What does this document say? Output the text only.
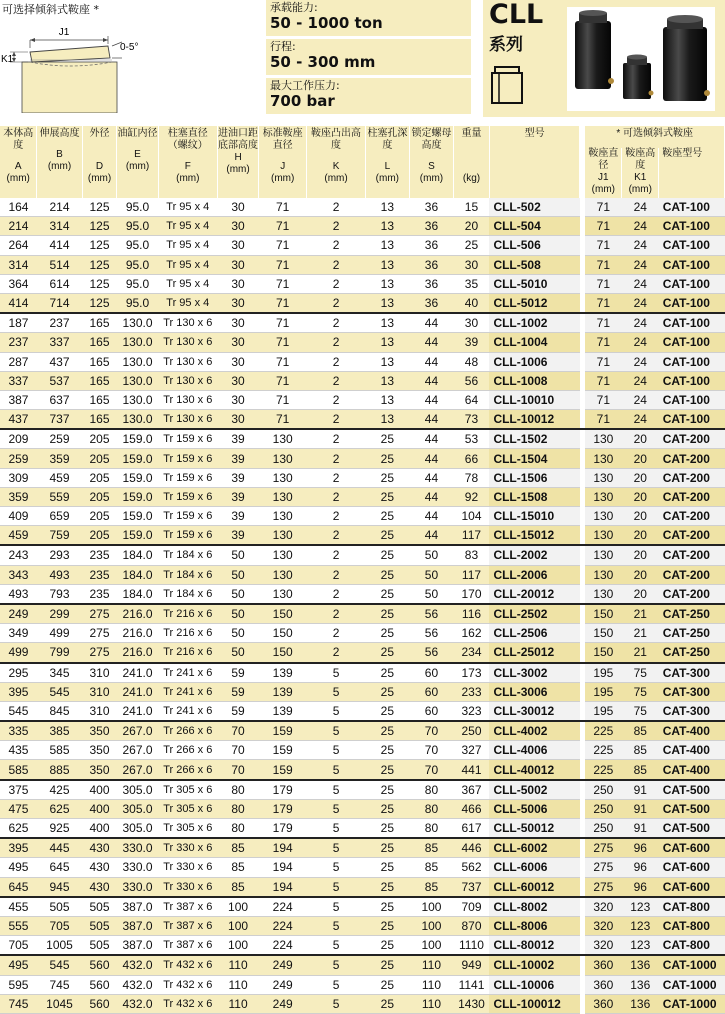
可选择倾斜式鞍座 *
J1
K1
0-5°
承载能力:
50 - 1000 ton
行程:
50 - 300 mm
最大工作压力:
700 bar
CLL
系列
本体高度
A
(mm)	伸展高度
B
(mm)	外径
D
(mm)	油缸内径
E
(mm)	柱塞直径（螺纹）
F
(mm)	进油口距底部高度
H
(mm)	标准鞍座直径
J
(mm)	鞍座凸出高度
K
(mm)	柱塞孔深度
L
(mm)	锁定螺母高度
S
(mm)	重量
(kg)	型号		* 可选倾斜式鞍座		
													鞍座直径
J1
(mm)	鞍座高度
K1
(mm)	鞍座型号
164	214	125	95.0	Tr 95 x 4	30	71	2	13	36	15	CLL-502		71	24	CAT-100
214	314	125	95.0	Tr 95 x 4	30	71	2	13	36	20	CLL-504		71	24	CAT-100
264	414	125	95.0	Tr 95 x 4	30	71	2	13	36	25	CLL-506		71	24	CAT-100
314	514	125	95.0	Tr 95 x 4	30	71	2	13	36	30	CLL-508		71	24	CAT-100
364	614	125	95.0	Tr 95 x 4	30	71	2	13	36	35	CLL-5010		71	24	CAT-100
414	714	125	95.0	Tr 95 x 4	30	71	2	13	36	40	CLL-5012		71	24	CAT-100
187	237	165	130.0	Tr 130 x 6	30	71	2	13	44	30	CLL-1002		71	24	CAT-100
237	337	165	130.0	Tr 130 x 6	30	71	2	13	44	39	CLL-1004		71	24	CAT-100
287	437	165	130.0	Tr 130 x 6	30	71	2	13	44	48	CLL-1006		71	24	CAT-100
337	537	165	130.0	Tr 130 x 6	30	71	2	13	44	56	CLL-1008		71	24	CAT-100
387	637	165	130.0	Tr 130 x 6	30	71	2	13	44	64	CLL-10010		71	24	CAT-100
437	737	165	130.0	Tr 130 x 6	30	71	2	13	44	73	CLL-10012		71	24	CAT-100
209	259	205	159.0	Tr 159 x 6	39	130	2	25	44	53	CLL-1502		130	20	CAT-200
259	359	205	159.0	Tr 159 x 6	39	130	2	25	44	66	CLL-1504		130	20	CAT-200
309	459	205	159.0	Tr 159 x 6	39	130	2	25	44	78	CLL-1506		130	20	CAT-200
359	559	205	159.0	Tr 159 x 6	39	130	2	25	44	92	CLL-1508		130	20	CAT-200
409	659	205	159.0	Tr 159 x 6	39	130	2	25	44	104	CLL-15010		130	20	CAT-200
459	759	205	159.0	Tr 159 x 6	39	130	2	25	44	117	CLL-15012		130	20	CAT-200
243	293	235	184.0	Tr 184 x 6	50	130	2	25	50	83	CLL-2002		130	20	CAT-200
343	493	235	184.0	Tr 184 x 6	50	130	2	25	50	117	CLL-2006		130	20	CAT-200
493	793	235	184.0	Tr 184 x 6	50	130	2	25	50	170	CLL-20012		130	20	CAT-200
249	299	275	216.0	Tr 216 x 6	50	150	2	25	56	116	CLL-2502		150	21	CAT-250
349	499	275	216.0	Tr 216 x 6	50	150	2	25	56	162	CLL-2506		150	21	CAT-250
499	799	275	216.0	Tr 216 x 6	50	150	2	25	56	234	CLL-25012		150	21	CAT-250
295	345	310	241.0	Tr 241 x 6	59	139	5	25	60	173	CLL-3002		195	75	CAT-300
395	545	310	241.0	Tr 241 x 6	59	139	5	25	60	233	CLL-3006		195	75	CAT-300
545	845	310	241.0	Tr 241 x 6	59	139	5	25	60	323	CLL-30012		195	75	CAT-300
335	385	350	267.0	Tr 266 x 6	70	159	5	25	70	250	CLL-4002		225	85	CAT-400
435	585	350	267.0	Tr 266 x 6	70	159	5	25	70	327	CLL-4006		225	85	CAT-400
585	885	350	267.0	Tr 266 x 6	70	159	5	25	70	441	CLL-40012		225	85	CAT-400
375	425	400	305.0	Tr 305 x 6	80	179	5	25	80	367	CLL-5002		250	91	CAT-500
475	625	400	305.0	Tr 305 x 6	80	179	5	25	80	466	CLL-5006		250	91	CAT-500
625	925	400	305.0	Tr 305 x 6	80	179	5	25	80	617	CLL-50012		250	91	CAT-500
395	445	430	330.0	Tr 330 x 6	85	194	5	25	85	446	CLL-6002		275	96	CAT-600
495	645	430	330.0	Tr 330 x 6	85	194	5	25	85	562	CLL-6006		275	96	CAT-600
645	945	430	330.0	Tr 330 x 6	85	194	5	25	85	737	CLL-60012		275	96	CAT-600
455	505	505	387.0	Tr 387 x 6	100	224	5	25	100	709	CLL-8002		320	123	CAT-800
555	705	505	387.0	Tr 387 x 6	100	224	5	25	100	870	CLL-8006		320	123	CAT-800
705	1005	505	387.0	Tr 387 x 6	100	224	5	25	100	1110	CLL-80012		320	123	CAT-800
495	545	560	432.0	Tr 432 x 6	110	249	5	25	110	949	CLL-10002		360	136	CAT-1000
595	745	560	432.0	Tr 432 x 6	110	249	5	25	110	1141	CLL-10006		360	136	CAT-1000
745	1045	560	432.0	Tr 432 x 6	110	249	5	25	110	1430	CLL-100012		360	136	CAT-1000
